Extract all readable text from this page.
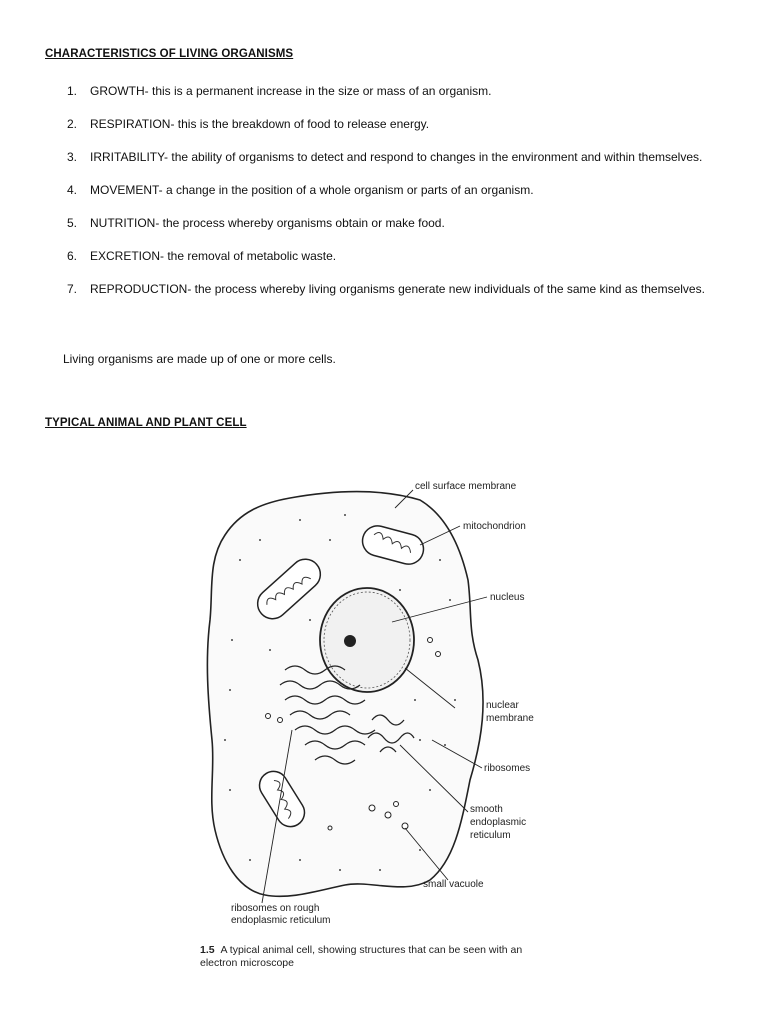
CHARACTERISTICS OF LIVING ORGANISMS
1. GROWTH- this is a permanent increase in the size or mass of an organism.
2. RESPIRATION- this is the breakdown of food to release energy.
3. IRRITABILITY- the ability of organisms to detect and respond to changes in the environment and within themselves.
4. MOVEMENT- a change in the position of a whole organism or parts of an organism.
5. NUTRITION- the process whereby organisms obtain or make food.
6. EXCRETION- the removal of metabolic waste.
7. REPRODUCTION- the process whereby living organisms generate new individuals of the same kind as themselves.
Living organisms are made up of one or more cells.
TYPICAL ANIMAL AND PLANT CELL
cell surface membrane
mitochondrion
nucleus
nuclear
membrane
ribosomes
smooth
endoplasmic
reticulum
small vacuole
ribosomes on rough
endoplasmic reticulum
1.5 A typical animal cell, showing structures that can be seen with an
electron microscope
